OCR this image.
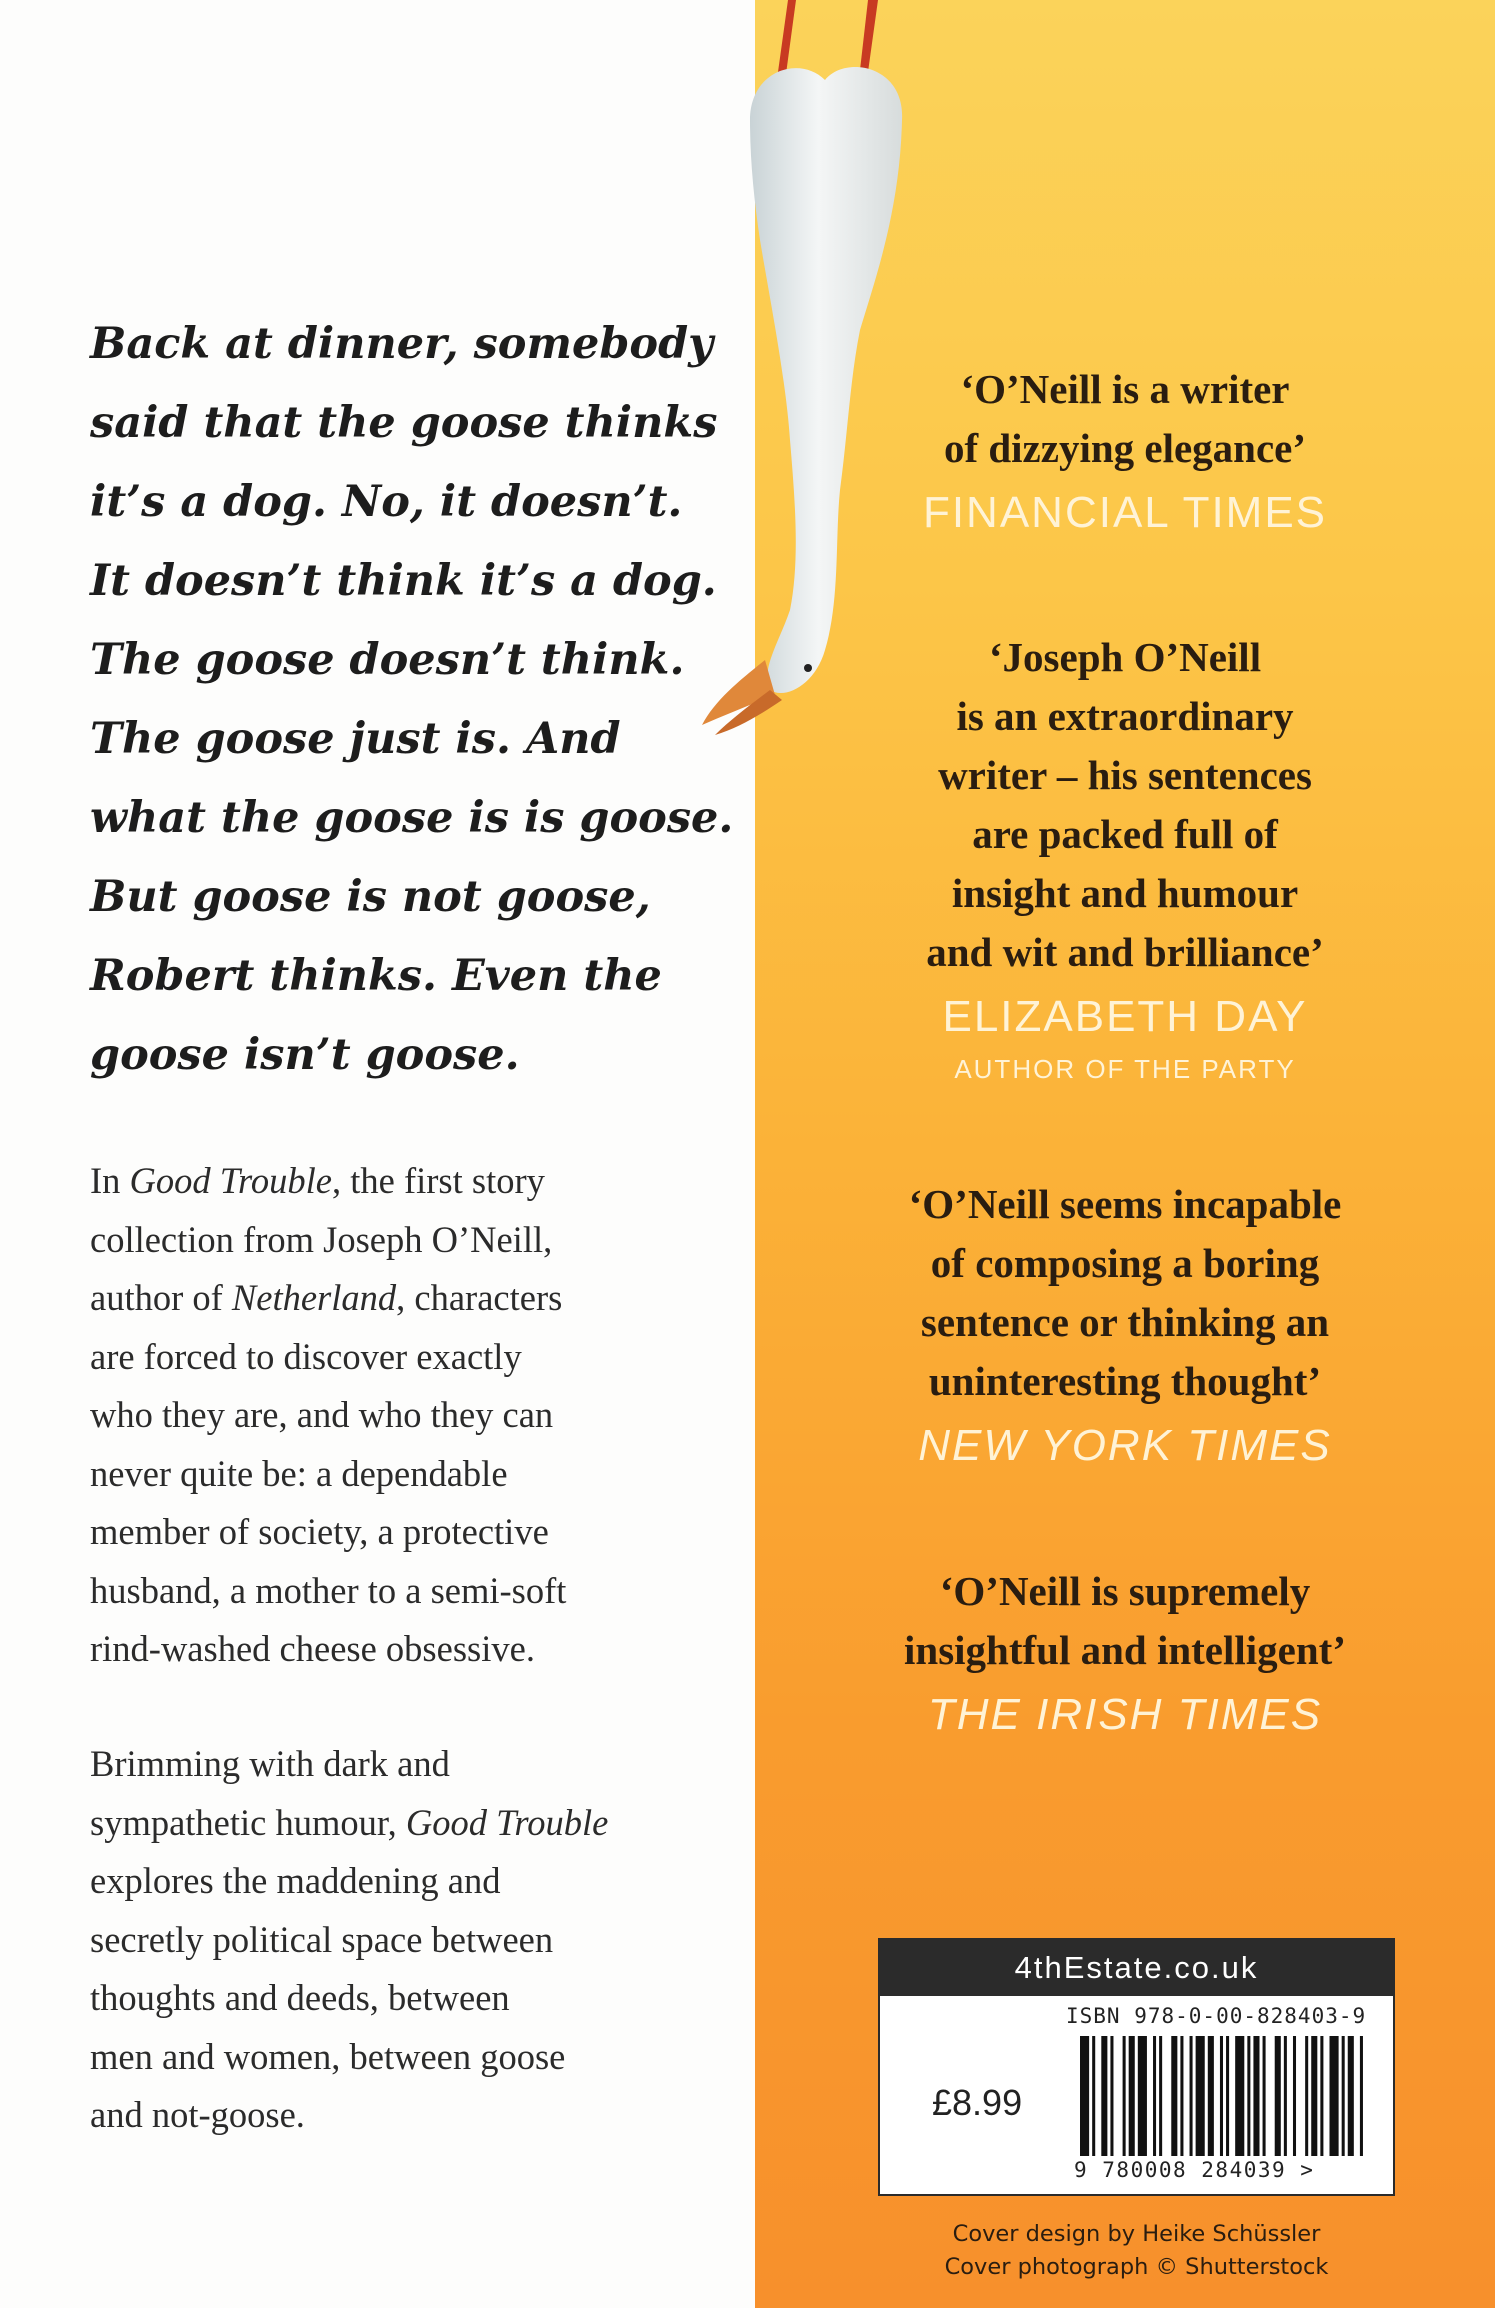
Back at dinner, somebody
said that the goose thinks
it’s a dog. No, it doesn’t.
It doesn’t think it’s a dog.
The goose doesn’t think.
The goose just is. And
what the goose is is goose.
But goose is not goose,
Robert thinks. Even the
goose isn’t goose.
In Good Trouble, the first story
collection from Joseph O’Neill,
author of Netherland, characters
are forced to discover exactly
who they are, and who they can
never quite be: a dependable
member of society, a protective
husband, a mother to a semi-soft
rind-washed cheese obsessive.
Brimming with dark and
sympathetic humour, Good Trouble
explores the maddening and
secretly political space between
thoughts and deeds, between
men and women, between goose
and not-goose.
‘O’Neill is a writer
of dizzying elegance’
FINANCIAL TIMES
‘Joseph O’Neill
is an extraordinary
writer – his sentences
are packed full of
insight and humour
and wit and brilliance’
ELIZABETH DAY
AUTHOR OF THE PARTY
‘O’Neill seems incapable
of composing a boring
sentence or thinking an
uninteresting thought’
NEW YORK TIMES
‘O’Neill is supremely
insightful and intelligent’
THE IRISH TIMES
4thEstate.co.uk
ISBN 978-0-00-828403-9
£8.99
9 780008 284039 >
Cover design by Heike Schüssler
Cover photograph © Shutterstock
